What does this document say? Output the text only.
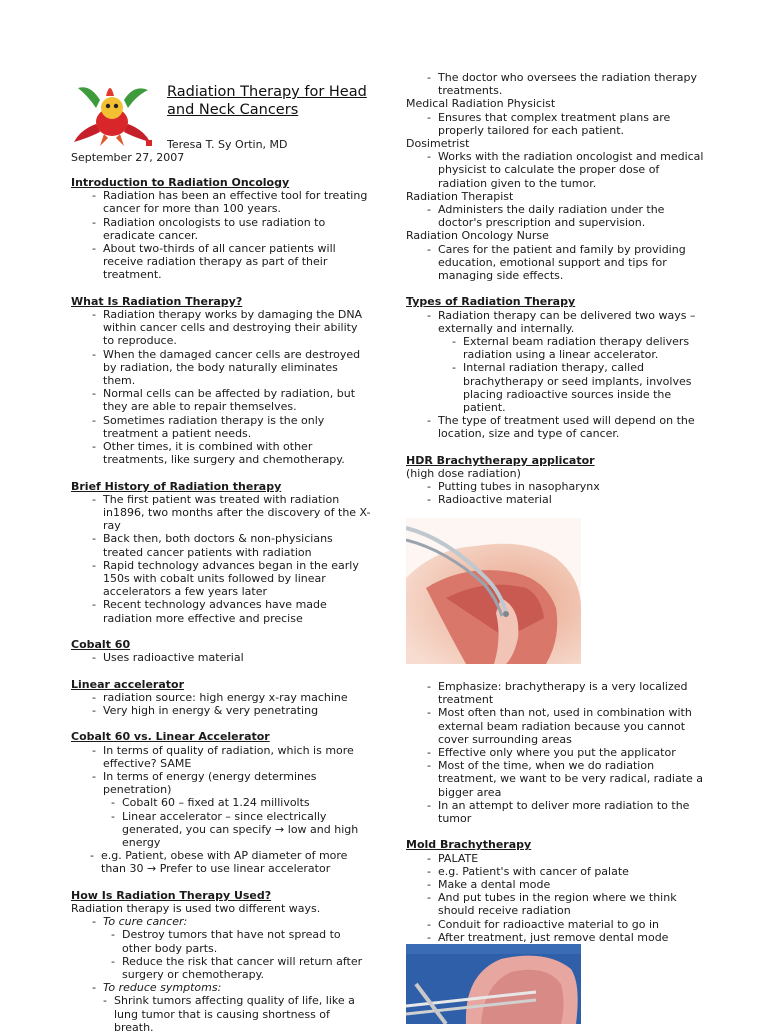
Radiation Therapy for Head and Neck Cancers
Teresa T. Sy Ortin, MD
September 27, 2007

Introduction to Radiation Oncology

- Radiation has been an effective tool for treating cancer for more than 100 years.
- Radiation oncologists to use radiation to eradicate cancer.
- About two-thirds of all cancer patients will receive radiation therapy as part of their treatment.

What Is Radiation Therapy?

- Radiation therapy works by damaging the DNA within cancer cells and destroying their ability to reproduce.
- When the damaged cancer cells are destroyed by radiation, the body naturally eliminates them.
- Normal cells can be affected by radiation, but they are able to repair themselves.
- Sometimes radiation therapy is the only treatment a patient needs.
- Other times, it is combined with other treatments, like surgery and chemotherapy.

Brief History of Radiation therapy

- The first patient was treated with radiation in1896, two months after the discovery of the X-ray
- Back then, both doctors & non-physicians treated cancer patients with radiation
- Rapid technology advances began in the early 150s with cobalt units followed by linear accelerators a few years later
- Recent technology advances have made radiation more effective and precise

Cobalt 60

- Uses radioactive material

Linear accelerator

- radiation source: high energy x-ray machine
- Very high in energy & very penetrating

Cobalt 60 vs. Linear Accelerator

- In terms of quality of radiation, which is more effective? SAME
- In terms of energy (energy determines penetration)
- Cobalt 60 – fixed at 1.24 millivolts
- Linear accelerator – since electrically generated, you can specify → low and high energy
- e.g. Patient, obese with AP diameter of more than 30 → Prefer to use linear accelerator

How Is Radiation Therapy Used?

Radiation therapy is used two different ways.

- To cure cancer:
- Destroy tumors that have not spread to other body parts.
- Reduce the risk that cancer will return after surgery or chemotherapy.
- To reduce symptoms:
- Shrink tumors affecting quality of life, like a lung tumor that is causing shortness of breath.
- The doctor who oversees the radiation therapy treatments.

Medical Radiation Physicist

- Ensures that complex treatment plans are properly tailored for each patient.

Dosimetrist

- Works with the radiation oncologist and medical physicist to calculate the proper dose of radiation given to the tumor.

Radiation Therapist

- Administers the daily radiation under the doctor's prescription and supervision.

Radiation Oncology Nurse

- Cares for the patient and family by providing education, emotional support and tips for managing side effects.

Types of Radiation Therapy

- Radiation therapy can be delivered two ways – externally and internally.
- External beam radiation therapy delivers radiation using a linear accelerator.
- Internal radiation therapy, called brachytherapy or seed implants, involves placing radioactive sources inside the patient.
- The type of treatment used will depend on the location, size and type of cancer.

HDR Brachytherapy applicator

(high dose radiation)

- Putting tubes in nasopharynx
- Radioactive material
- Emphasize: brachytherapy is a very localized treatment
- Most often than not, used in combination with external beam radiation because you cannot cover surrounding areas
- Effective only where you put the applicator
- Most of the time, when we do radiation treatment, we want to be very radical, radiate a bigger area
- In an attempt to deliver more radiation to the tumor

Mold Brachytherapy

- PALATE
- e.g. Patient's with cancer of palate
- Make a dental mode
- And put tubes in the region where we think should receive radiation
- Conduit for radioactive material to go in
- After treatment, just remove dental mode
